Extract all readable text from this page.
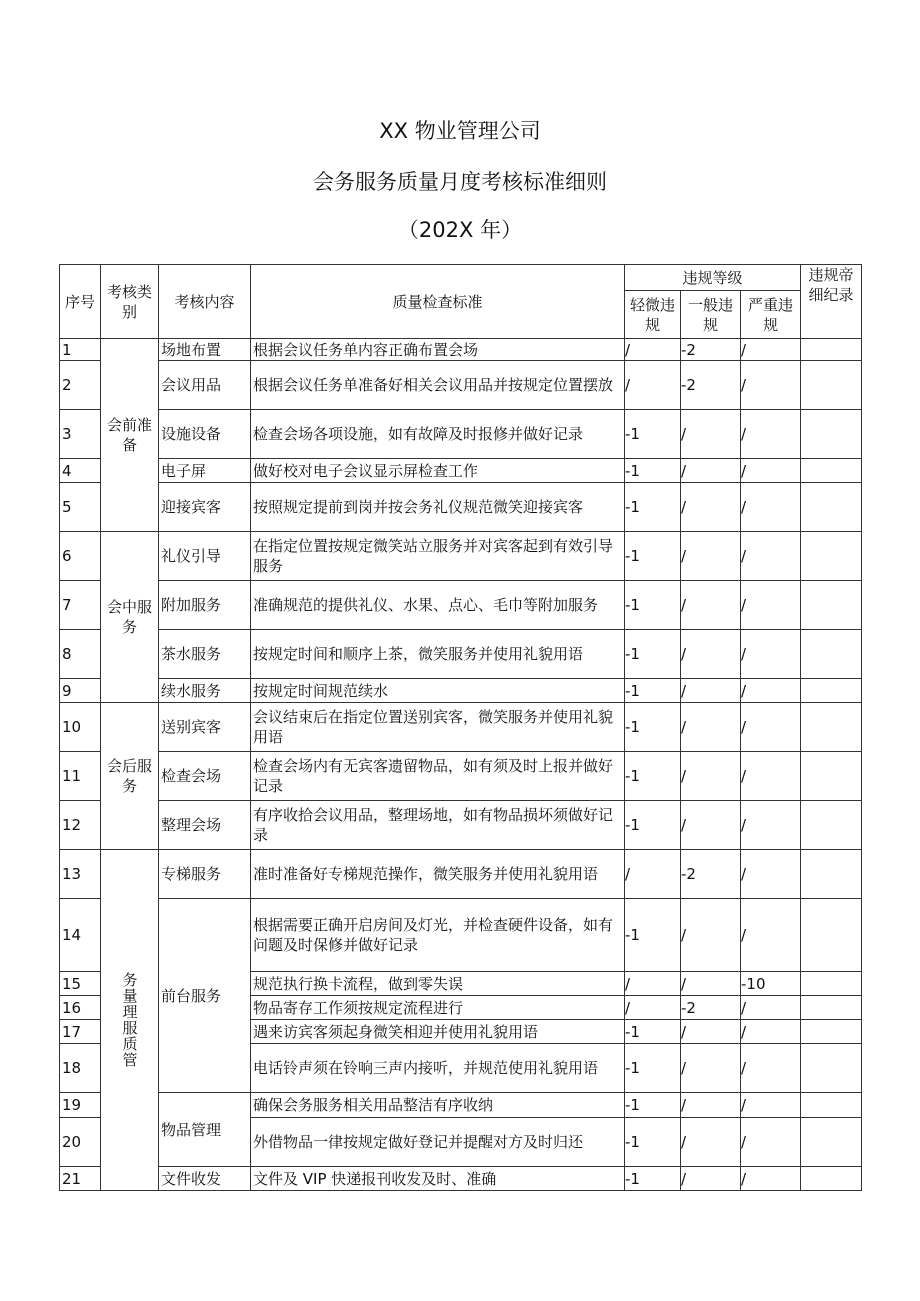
XX 物业管理公司
会务服务质量月度考核标准细则
（202X 年）
序号	考核类别	考核内容	质量检查标准	违规等级			违规帝细纪录
				轻微违规	一般违规	严重违规	
1	会前准备	场地布置	根据会议任务单内容正确布置会场	/	-2	/	
2		会议用品	根据会议任务单准备好相关会议用品并按规定位置摆放	/	-2	/	
3		设施设备	检查会场各项设施，如有故障及时报修并做好记录	-1	/	/	
4		电子屏	做好校对电子会议显示屏检查工作	-1	/	/	
5		迎接宾客	按照规定提前到岗并按会务礼仪规范微笑迎接宾客	-1	/	/	
6	会中服务	礼仪引导	在指定位置按规定微笑站立服务并对宾客起到有效引导服务	-1	/	/	
7		附加服务	准确规范的提供礼仪、水果、点心、毛巾等附加服务	-1	/	/	
8		茶水服务	按规定时间和顺序上茶，微笑服务并使用礼貌用语	-1	/	/	
9		续水服务	按规定时间规范续水	-1	/	/	
10	会后服务	送别宾客	会议结束后在指定位置送别宾客，微笑服务并使用礼貌用语	-1	/	/	
11		检查会场	检查会场内有无宾客遗留物品，如有须及时上报并做好记录	-1	/	/	
12		整理会场	有序收拾会议用品，整理场地，如有物品损坏须做好记录	-1	/	/	
13	务量理服质管	专梯服务	准时准备好专梯规范操作，微笑服务并使用礼貌用语	/	-2	/	
14		前台服务	根据需要正确开启房间及灯光，并检查硬件设备，如有问题及时保修并做好记录	-1	/	/	
15			规范执行换卡流程，做到零失误	/	/	-10	
16			物品寄存工作须按规定流程进行	/	-2	/	
17			遇来访宾客须起身微笑相迎并使用礼貌用语	-1	/	/	
18			电话铃声须在铃响三声内接听，并规范使用礼貌用语	-1	/	/	
19		物品管理	确保会务服务相关用品整洁有序收纳	-1	/	/	
20			外借物品一律按规定做好登记并提醒对方及时归还	-1	/	/	
21		文件收发	文件及 VIP 快递报刊收发及时、准确	-1	/	/	
